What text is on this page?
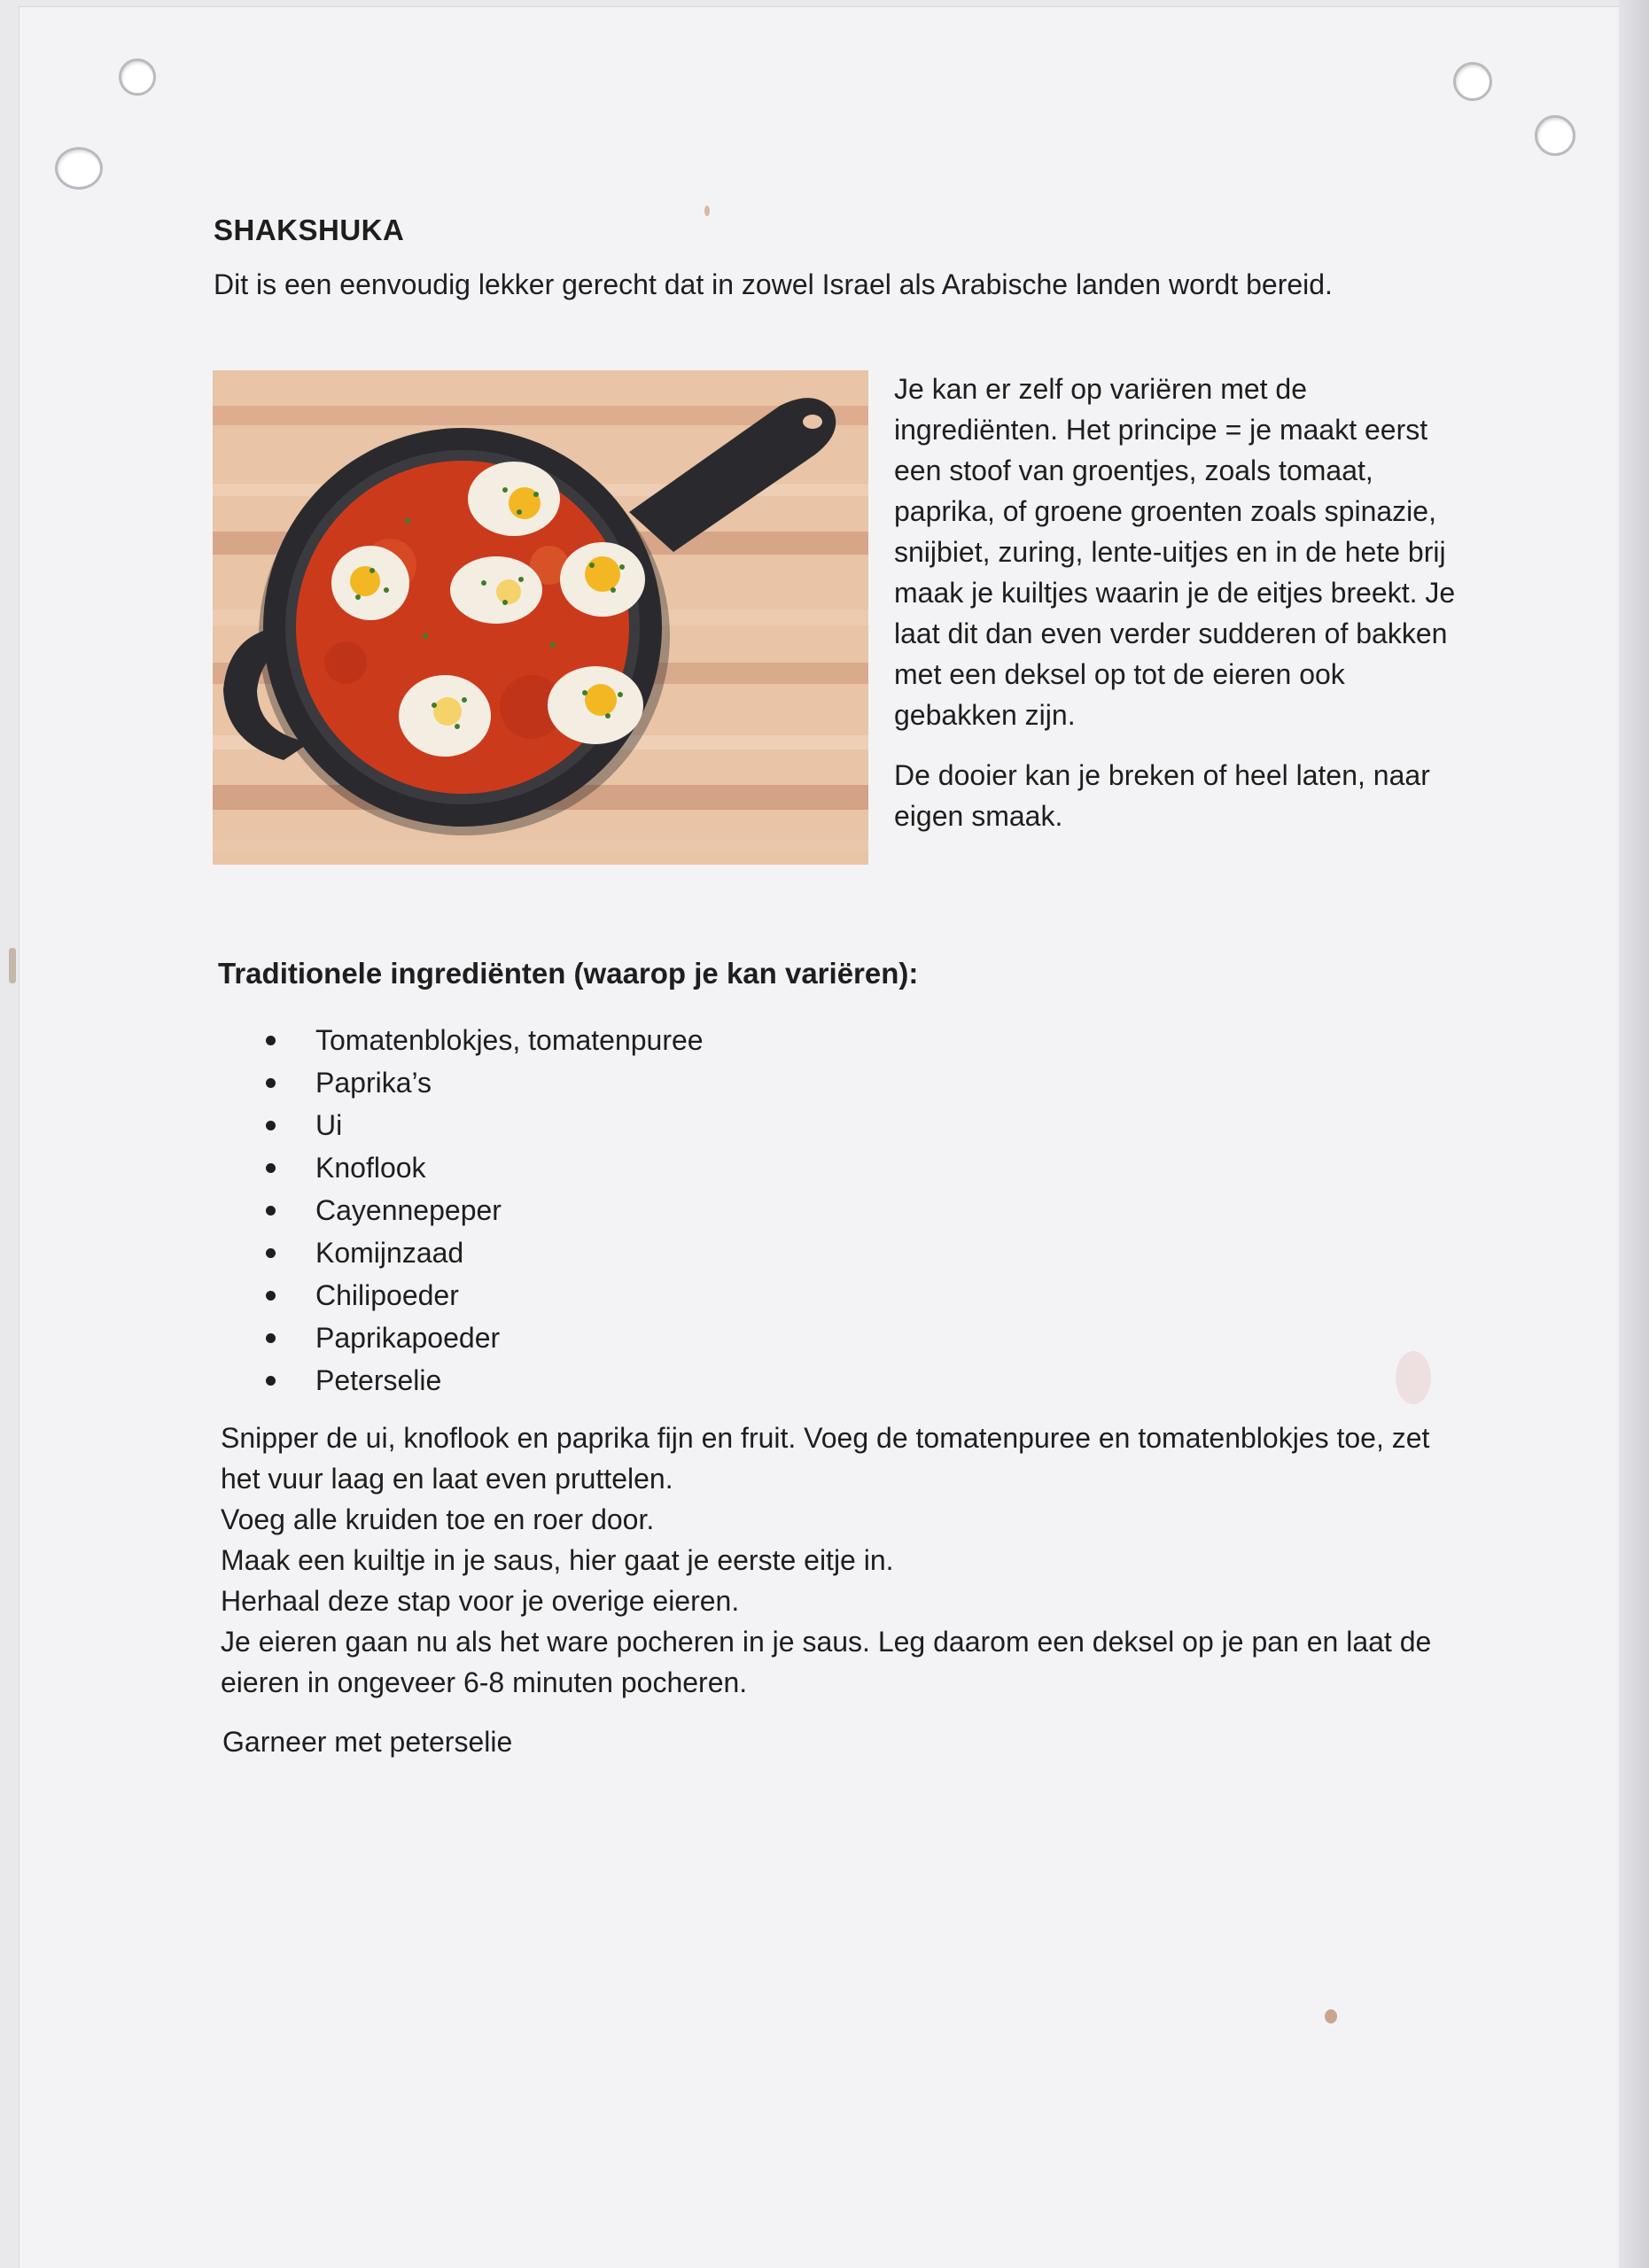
SHAKSHUKA

Dit is een eenvoudig lekker gerecht dat in zowel Israel als Arabische landen wordt bereid.

Je kan er zelf op variëren met de ingrediënten. Het principe = je maakt eerst een stoof van groentjes, zoals tomaat, paprika, of groene groenten zoals spinazie, snijbiet, zuring, lente-uitjes en in de hete brij maak je kuiltjes waarin je de eitjes breekt. Je laat dit dan even verder sudderen of bakken met een deksel op tot de eieren ook gebakken zijn.

De dooier kan je breken of heel laten, naar eigen smaak.

Traditionele ingrediënten (waarop je kan variëren):
Tomatenblokjes, tomatenpuree
Paprika’s
Ui
Knoflook
Cayennepeper
Komijnzaad
Chilipoeder
Paprikapoeder
Peterselie

Snipper de ui, knoflook en paprika fijn en fruit. Voeg de tomatenpuree en tomatenblokjes toe, zet het vuur laag en laat even pruttelen.

Voeg alle kruiden toe en roer door.

Maak een kuiltje in je saus, hier gaat je eerste eitje in.

Herhaal deze stap voor je overige eieren.

Je eieren gaan nu als het ware pocheren in je saus. Leg daarom een deksel op je pan en laat de eieren in ongeveer 6-8 minuten pocheren.

Garneer met peterselie
